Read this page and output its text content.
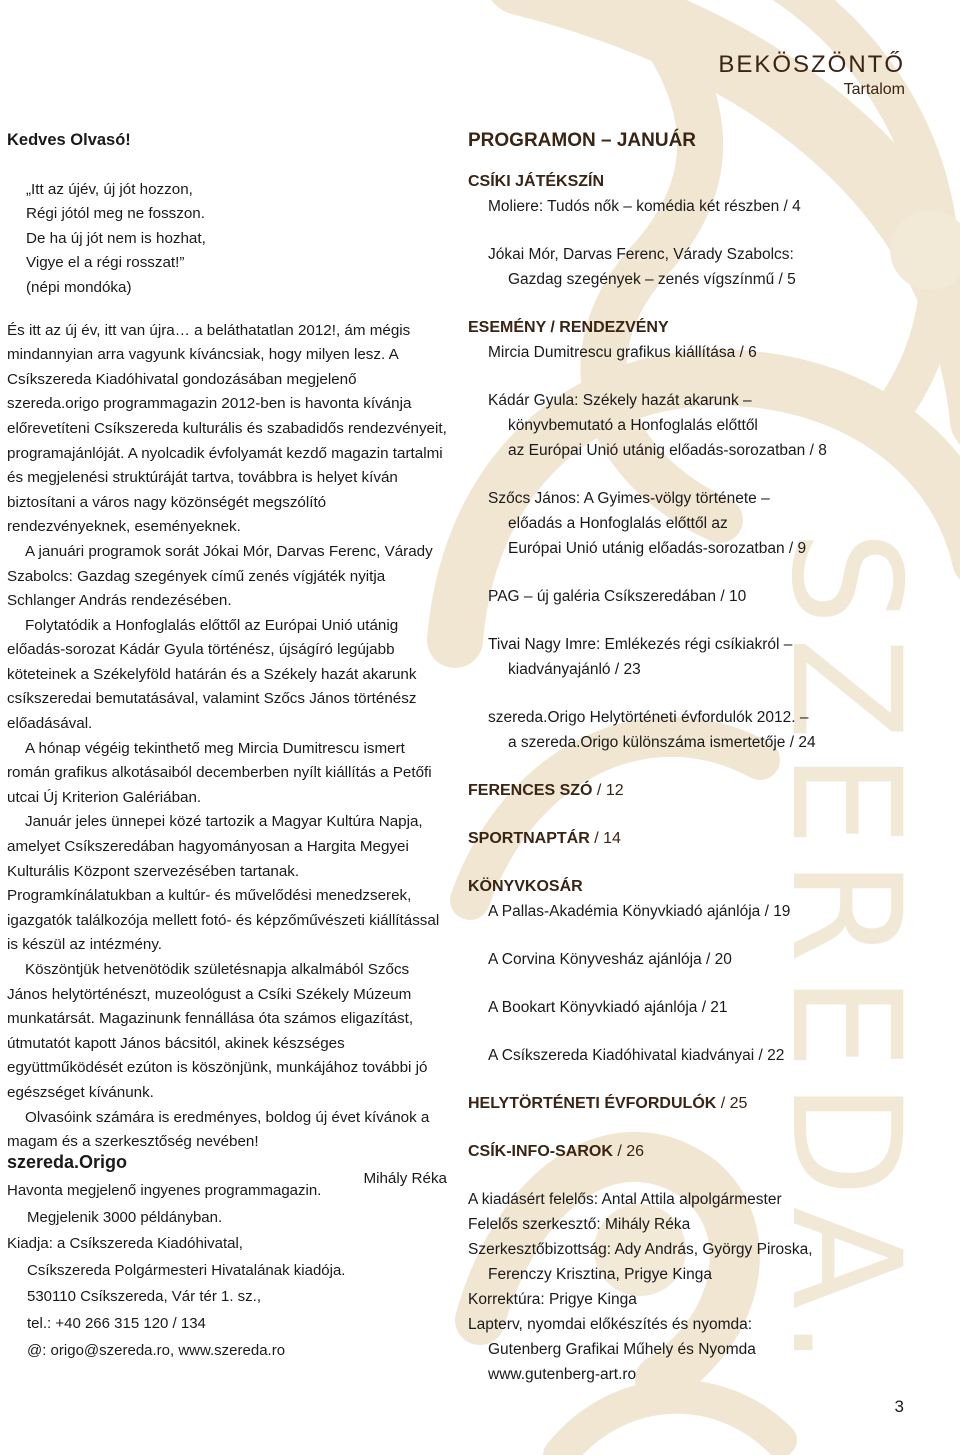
SZEREDA.
BEKÖSZÖNTŐ
Tartalom
Kedves Olvasó!
„Itt az újév, új jót hozzon,
Régi jótól meg ne fosszon.
De ha új jót nem is hozhat,
Vigye el a régi rosszat!”
(népi mondóka)

És itt az új év, itt van újra… a beláthatatlan 2012!, ám mégis mindannyian arra vagyunk kíváncsiak, hogy milyen lesz. A Csíkszereda Kiadóhivatal gondozásában megjelenő szereda.origo programmagazin 2012-ben is havonta kívánja előrevetíteni Csíkszereda kulturális és szabadidős rendezvényeit, programajánlóját. A nyolcadik évfolyamát kezdő magazin tartalmi és megjelenési struktúráját tartva, továbbra is helyet kíván biztosítani a város nagy közönségét megszólító rendezvényeknek, eseményeknek.

A januári programok sorát Jókai Mór, Darvas Ferenc, Várady Szabolcs: Gazdag szegények című zenés vígjáték nyitja Schlanger András rendezésében.

Folytatódik a Honfoglalás előttől az Európai Unió utánig előadás-sorozat Kádár Gyula történész, újságíró legújabb köteteinek a Székelyföld határán és a Székely hazát akarunk csíkszeredai bemutatásával, valamint Szőcs János történész előadásával.

A hónap végéig tekinthető meg Mircia Dumitrescu ismert román grafikus alkotásaiból decemberben nyílt kiállítás a Petőfi utcai Új Kriterion Galériában.

Január jeles ünnepei közé tartozik a Magyar Kultúra Napja, amelyet Csíkszeredában hagyományosan a Hargita Megyei Kulturális Központ szervezésében tartanak. Programkínálatukban a kultúr- és művelődési menedzserek, igazgatók találkozója mellett fotó- és képzőművészeti kiállítással is készül az intézmény.

Köszöntjük hetvenötödik születésnapja alkalmából Szőcs János helytörténészt, muzeológust a Csíki Székely Múzeum munkatársát. Magazinunk fennállása óta számos eligazítást, útmutatót kapott János bácsitól, akinek készséges együttműködését ezúton is köszönjünk, munkájához további jó egészséget kívánunk.

Olvasóink számára is eredményes, boldog új évet kívánok a magam és a szerkesztőség nevében!

Mihály Réka
szereda.Origo
Havonta megjelenő ingyenes programmagazin.
Megjelenik 3000 példányban.
Kiadja: a Csíkszereda Kiadóhivatal,
Csíkszereda Polgármesteri Hivatalának kiadója.
530110 Csíkszereda, Vár tér 1. sz.,
tel.: +40 266 315 120 / 134
@: origo@szereda.ro, www.szereda.ro
PROGRAMON – JANUÁR
CSÍKI JÁTÉKSZÍN
Moliere: Tudós nők – komédia két részben / 4
Jókai Mór, Darvas Ferenc, Várady Szabolcs:
Gazdag szegények – zenés vígszínmű / 5
ESEMÉNY / RENDEZVÉNY
Mircia Dumitrescu grafikus kiállítása / 6
Kádár Gyula: Székely hazát akarunk –
könyvbemutató a Honfoglalás előttől
az Európai Unió utánig előadás-sorozatban / 8
Szőcs János: A Gyimes-völgy története –
előadás a Honfoglalás előttől az
Európai Unió utánig előadás-sorozatban / 9
PAG – új galéria Csíkszeredában / 10
Tivai Nagy Imre: Emlékezés régi csíkiakról –
kiadványajánló / 23
szereda.Origo Helytörténeti évfordulók 2012. –
a szereda.Origo különszáma ismertetője / 24
FERENCES SZÓ / 12
SPORTNAPTÁR / 14
KÖNYVKOSÁR
A Pallas-Akadémia Könyvkiadó ajánlója / 19
A Corvina Könyvesház ajánlója / 20
A Bookart Könyvkiadó ajánlója / 21
A Csíkszereda Kiadóhivatal kiadványai / 22
HELYTÖRTÉNETI ÉVFORDULÓK / 25
CSÍK-INFO-SAROK / 26
A kiadásért felelős: Antal Attila alpolgármester
Felelős szerkesztő: Mihály Réka
Szerkesztőbizottság: Ady András, György Piroska,
Ferenczy Krisztina, Prigye Kinga
Korrektúra: Prigye Kinga
Lapterv, nyomdai előkészítés és nyomda:
Gutenberg Grafikai Műhely és Nyomda
www.gutenberg-art.ro
3
